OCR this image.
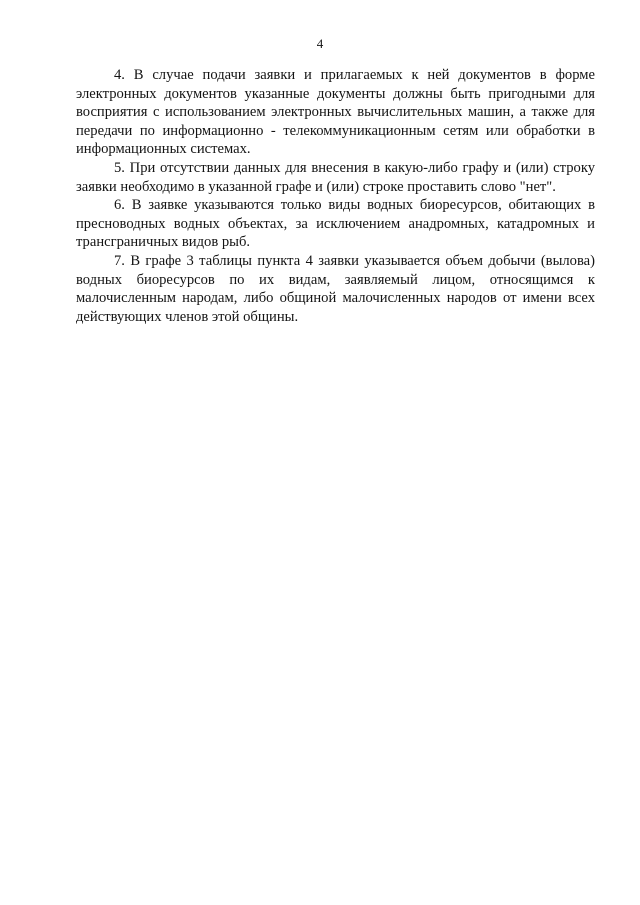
4

4. В случае подачи заявки и прилагаемых к ней документов в форме электронных документов указанные документы должны быть пригодными для восприятия с использованием электронных вычислительных машин, а также для передачи по информационно - телекоммуникационным сетям или обработки в информационных системах.

5. При отсутствии данных для внесения в какую-либо графу и (или) строку заявки необходимо в указанной графе и (или) строке проставить слово "нет".

6. В заявке указываются только виды водных биоресурсов, обитающих в пресноводных водных объектах, за исключением анадромных, катадромных и трансграничных видов рыб.

7. В графе 3 таблицы пункта 4 заявки указывается объем добычи (вылова) водных биоресурсов по их видам, заявляемый лицом, относящимся к малочисленным народам, либо общиной малочисленных народов от имени всех действующих членов этой общины.
